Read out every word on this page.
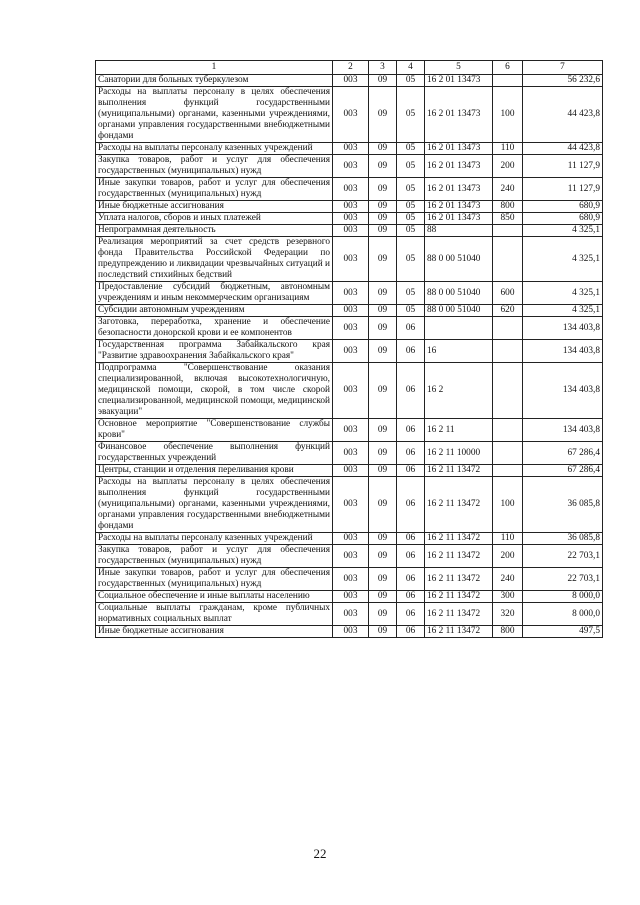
1	2	3	4	5	6	7
Санатории для больных туберкулезом	003	09	05	16 2 01 13473		56 232,6
Расходы на выплаты персоналу в целях обеспечения выполнения функций государственными (муниципальными) органами, казенными учреждениями, органами управления государственными внебюджетными фондами	003	09	05	16 2 01 13473	100	44 423,8
Расходы на выплаты персоналу казенных учреждений	003	09	05	16 2 01 13473	110	44 423,8
Закупка товаров, работ и услуг для обеспечения государственных (муниципальных) нужд	003	09	05	16 2 01 13473	200	11 127,9
Иные закупки товаров, работ и услуг для обеспечения государственных (муниципальных) нужд	003	09	05	16 2 01 13473	240	11 127,9
Иные бюджетные ассигнования	003	09	05	16 2 01 13473	800	680,9
Уплата налогов, сборов и иных платежей	003	09	05	16 2 01 13473	850	680,9
Непрограммная деятельность	003	09	05	88		4 325,1
Реализация мероприятий за счет средств резервного фонда Правительства Российской Федерации по предупреждению и ликвидации чрезвычайных ситуаций и последствий стихийных бедствий	003	09	05	88 0 00 51040		4 325,1
Предоставление субсидий бюджетным, автономным учреждениям и иным некоммерческим организациям	003	09	05	88 0 00 51040	600	4 325,1
Субсидии автономным учреждениям	003	09	05	88 0 00 51040	620	4 325,1
Заготовка, переработка, хранение и обеспечение безопасности донорской крови и ее компонентов	003	09	06			134 403,8
Государственная программа Забайкальского края "Развитие здравоохранения Забайкальского края"	003	09	06	16		134 403,8
Подпрограмма "Совершенствование оказания специализированной, включая высокотехнологичную, медицинской помощи, скорой, в том числе скорой специализированной, медицинской помощи, медицинской эвакуации"	003	09	06	16 2		134 403,8
Основное мероприятие "Совершенствование службы крови"	003	09	06	16 2 11		134 403,8
Финансовое обеспечение выполнения функций государственных учреждений	003	09	06	16 2 11 10000		67 286,4
Центры, станции и отделения переливания крови	003	09	06	16 2 11 13472		67 286,4
Расходы на выплаты персоналу в целях обеспечения выполнения функций государственными (муниципальными) органами, казенными учреждениями, органами управления государственными внебюджетными фондами	003	09	06	16 2 11 13472	100	36 085,8
Расходы на выплаты персоналу казенных учреждений	003	09	06	16 2 11 13472	110	36 085,8
Закупка товаров, работ и услуг для обеспечения государственных (муниципальных) нужд	003	09	06	16 2 11 13472	200	22 703,1
Иные закупки товаров, работ и услуг для обеспечения государственных (муниципальных) нужд	003	09	06	16 2 11 13472	240	22 703,1
Социальное обеспечение и иные выплаты населению	003	09	06	16 2 11 13472	300	8 000,0
Социальные выплаты гражданам, кроме публичных нормативных социальных выплат	003	09	06	16 2 11 13472	320	8 000,0
Иные бюджетные ассигнования	003	09	06	16 2 11 13472	800	497,5
22
